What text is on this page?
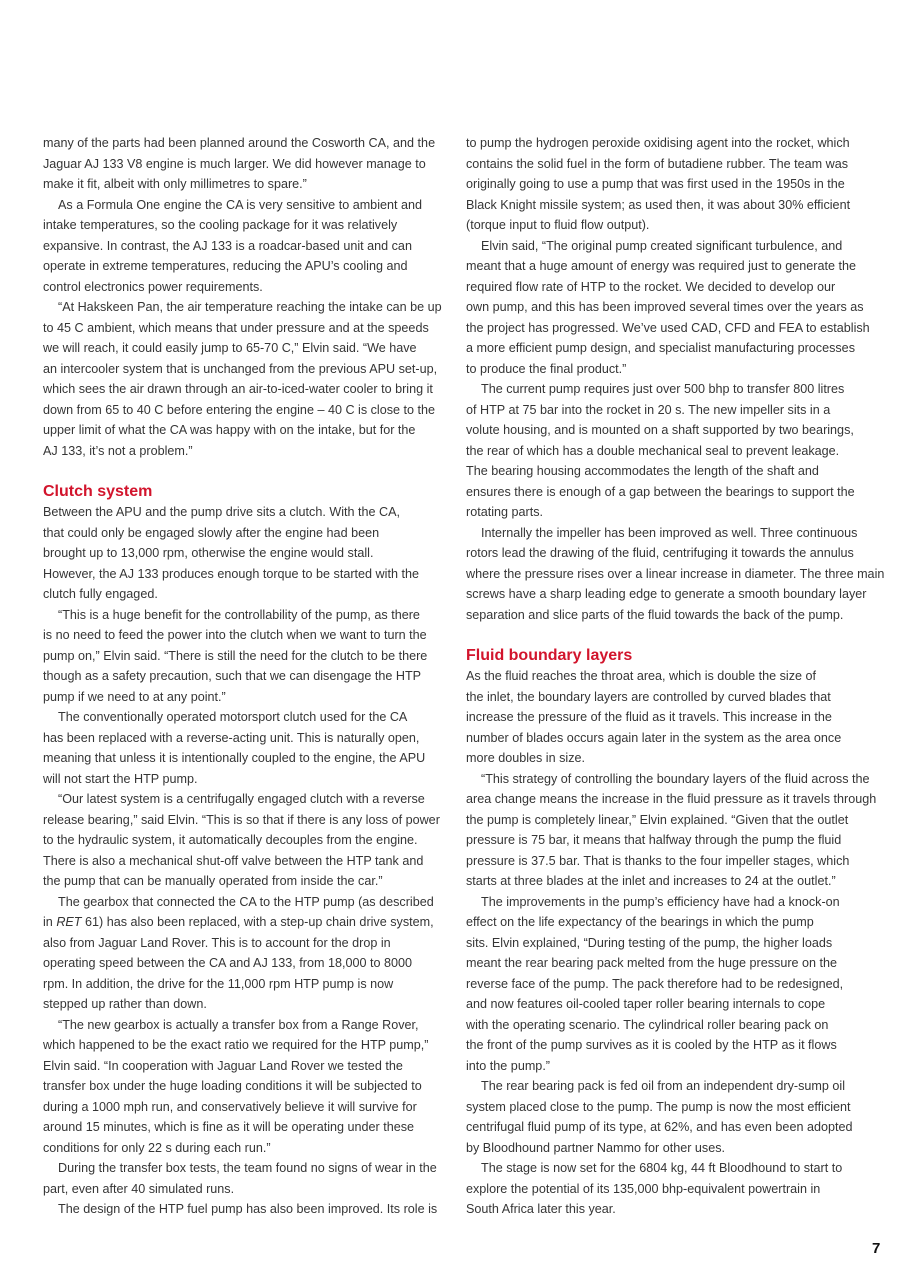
many of the parts had been planned around the Cosworth CA, and the
Jaguar AJ 133 V8 engine is much larger. We did however manage to
make it fit, albeit with only millimetres to spare.”
As a Formula One engine the CA is very sensitive to ambient and
intake temperatures, so the cooling package for it was relatively
expansive. In contrast, the AJ 133 is a roadcar-based unit and can
operate in extreme temperatures, reducing the APU’s cooling and
control electronics power requirements.
“At Hakskeen Pan, the air temperature reaching the intake can be up
to 45 C ambient, which means that under pressure and at the speeds
we will reach, it could easily jump to 65-70 C,” Elvin said. “We have
an intercooler system that is unchanged from the previous APU set-up,
which sees the air drawn through an air-to-iced-water cooler to bring it
down from 65 to 40 C before entering the engine – 40 C is close to the
upper limit of what the CA was happy with on the intake, but for the
AJ 133, it’s not a problem.”
Clutch system
Between the APU and the pump drive sits a clutch. With the CA,
that could only be engaged slowly after the engine had been
brought up to 13,000 rpm, otherwise the engine would stall.
However, the AJ 133 produces enough torque to be started with the
clutch fully engaged.
“This is a huge benefit for the controllability of the pump, as there
is no need to feed the power into the clutch when we want to turn the
pump on,” Elvin said. “There is still the need for the clutch to be there
though as a safety precaution, such that we can disengage the HTP
pump if we need to at any point.”
The conventionally operated motorsport clutch used for the CA
has been replaced with a reverse-acting unit. This is naturally open,
meaning that unless it is intentionally coupled to the engine, the APU
will not start the HTP pump.
“Our latest system is a centrifugally engaged clutch with a reverse
release bearing,” said Elvin. “This is so that if there is any loss of power
to the hydraulic system, it automatically decouples from the engine.
There is also a mechanical shut-off valve between the HTP tank and
the pump that can be manually operated from inside the car.”
The gearbox that connected the CA to the HTP pump (as described
in RET 61) has also been replaced, with a step-up chain drive system,
also from Jaguar Land Rover. This is to account for the drop in
operating speed between the CA and AJ 133, from 18,000 to 8000
rpm. In addition, the drive for the 11,000 rpm HTP pump is now
stepped up rather than down.
“The new gearbox is actually a transfer box from a Range Rover,
which happened to be the exact ratio we required for the HTP pump,”
Elvin said. “In cooperation with Jaguar Land Rover we tested the
transfer box under the huge loading conditions it will be subjected to
during a 1000 mph run, and conservatively believe it will survive for
around 15 minutes, which is fine as it will be operating under these
conditions for only 22 s during each run.”
During the transfer box tests, the team found no signs of wear in the
part, even after 40 simulated runs.
The design of the HTP fuel pump has also been improved. Its role is
to pump the hydrogen peroxide oxidising agent into the rocket, which
contains the solid fuel in the form of butadiene rubber. The team was
originally going to use a pump that was first used in the 1950s in the
Black Knight missile system; as used then, it was about 30% efficient
(torque input to fluid flow output).
Elvin said, “The original pump created significant turbulence, and
meant that a huge amount of energy was required just to generate the
required flow rate of HTP to the rocket. We decided to develop our
own pump, and this has been improved several times over the years as
the project has progressed. We’ve used CAD, CFD and FEA to establish
a more efficient pump design, and specialist manufacturing processes
to produce the final product.”
The current pump requires just over 500 bhp to transfer 800 litres
of HTP at 75 bar into the rocket in 20 s. The new impeller sits in a
volute housing, and is mounted on a shaft supported by two bearings,
the rear of which has a double mechanical seal to prevent leakage.
The bearing housing accommodates the length of the shaft and
ensures there is enough of a gap between the bearings to support the
rotating parts.
Internally the impeller has been improved as well. Three continuous
rotors lead the drawing of the fluid, centrifuging it towards the annulus
where the pressure rises over a linear increase in diameter. The three main
screws have a sharp leading edge to generate a smooth boundary layer
separation and slice parts of the fluid towards the back of the pump.
Fluid boundary layers
As the fluid reaches the throat area, which is double the size of
the inlet, the boundary layers are controlled by curved blades that
increase the pressure of the fluid as it travels. This increase in the
number of blades occurs again later in the system as the area once
more doubles in size.
“This strategy of controlling the boundary layers of the fluid across the
area change means the increase in the fluid pressure as it travels through
the pump is completely linear,” Elvin explained. “Given that the outlet
pressure is 75 bar, it means that halfway through the pump the fluid
pressure is 37.5 bar. That is thanks to the four impeller stages, which
starts at three blades at the inlet and increases to 24 at the outlet.”
The improvements in the pump’s efficiency have had a knock-on
effect on the life expectancy of the bearings in which the pump
sits. Elvin explained, “During testing of the pump, the higher loads
meant the rear bearing pack melted from the huge pressure on the
reverse face of the pump. The pack therefore had to be redesigned,
and now features oil-cooled taper roller bearing internals to cope
with the operating scenario. The cylindrical roller bearing pack on
the front of the pump survives as it is cooled by the HTP as it flows
into the pump.”
The rear bearing pack is fed oil from an independent dry-sump oil
system placed close to the pump. The pump is now the most efficient
centrifugal fluid pump of its type, at 62%, and has even been adopted
by Bloodhound partner Nammo for other uses.
The stage is now set for the 6804 kg, 44 ft Bloodhound to start to
explore the potential of its 135,000 bhp-equivalent powertrain in
South Africa later this year.
7
